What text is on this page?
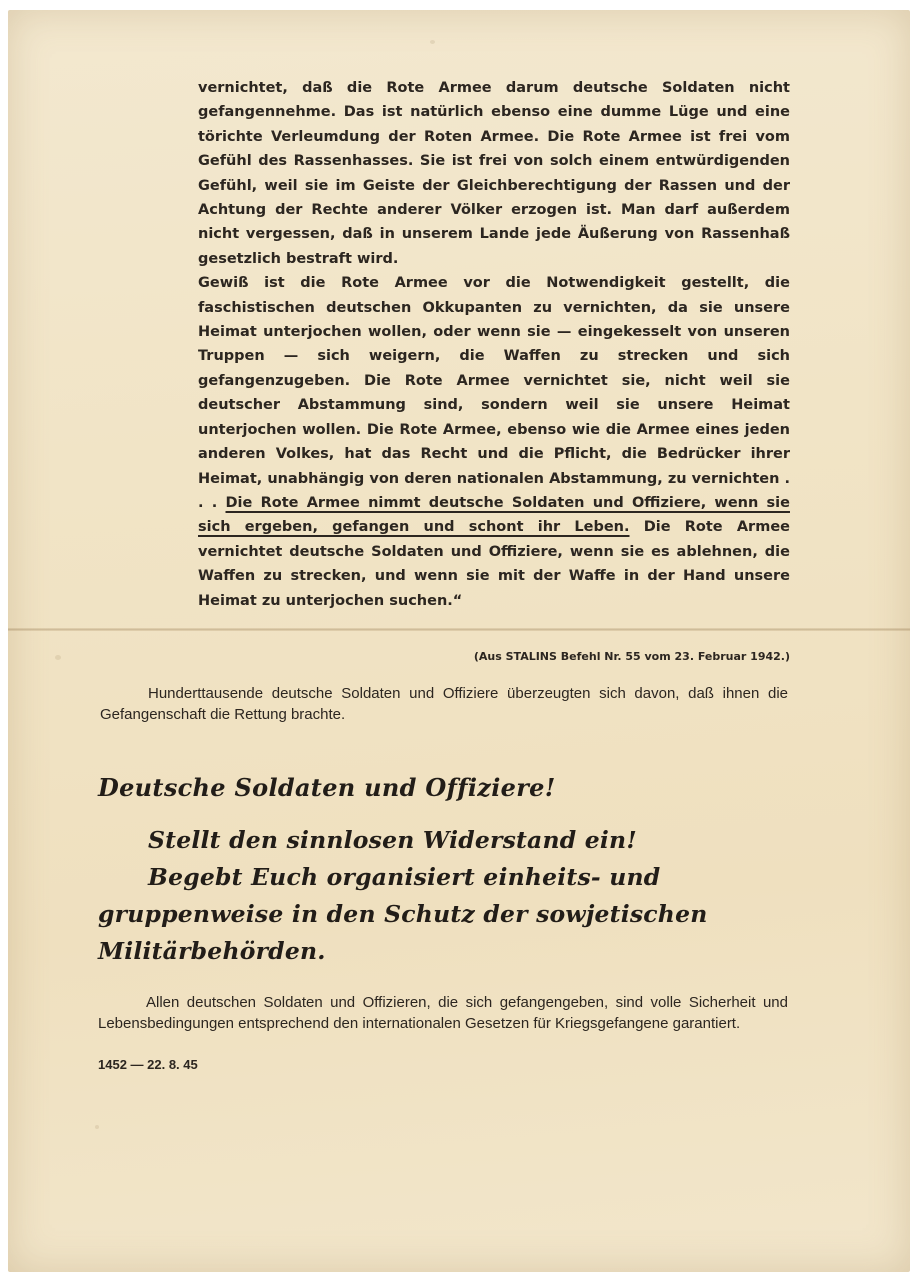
vernichtet, daß die Rote Armee darum deutsche Soldaten nicht gefangennehme. Das ist natürlich ebenso eine dumme Lüge und eine törichte Verleumdung der Roten Armee. Die Rote Armee ist frei vom Gefühl des Rassenhasses. Sie ist frei von solch einem entwürdigenden Gefühl, weil sie im Geiste der Gleichberechtigung der Rassen und der Achtung der Rechte anderer Völker erzogen ist. Man darf außerdem nicht vergessen, daß in unserem Lande jede Äußerung von Rassenhaß gesetzlich bestraft wird.

Gewiß ist die Rote Armee vor die Notwendigkeit gestellt, die faschistischen deutschen Okkupanten zu vernichten, da sie unsere Heimat unterjochen wollen, oder wenn sie — eingekesselt von unseren Truppen — sich weigern, die Waffen zu strecken und sich gefangenzugeben. Die Rote Armee vernichtet sie, nicht weil sie deutscher Abstammung sind, sondern weil sie unsere Heimat unterjochen wollen. Die Rote Armee, ebenso wie die Armee eines jeden anderen Volkes, hat das Recht und die Pflicht, die Bedrücker ihrer Heimat, unabhängig von deren nationalen Abstammung, zu vernichten . . . Die Rote Armee nimmt deutsche Soldaten und Offiziere, wenn sie sich ergeben, gefangen und schont ihr Leben. Die Rote Armee vernichtet deutsche Soldaten und Offiziere, wenn sie es ablehnen, die Waffen zu strecken, und wenn sie mit der Waffe in der Hand unsere Heimat zu unterjochen suchen.“

(Aus STALINS Befehl Nr. 55 vom 23. Februar 1942.)
Hunderttausende deutsche Soldaten und Offiziere überzeugten sich davon, daß ihnen die Gefangenschaft die Rettung brachte.
Deutsche Soldaten und Offiziere!
Stellt den sinnlosen Widerstand ein!
Begebt Euch organisiert einheits- und
gruppenweise in den Schutz der sowjetischen
Militärbehörden.
Allen deutschen Soldaten und Offizieren, die sich gefangengeben, sind volle Sicherheit und Lebensbedingungen entsprechend den internationalen Gesetzen für Kriegsgefangene garantiert.
1452 — 22. 8. 45
